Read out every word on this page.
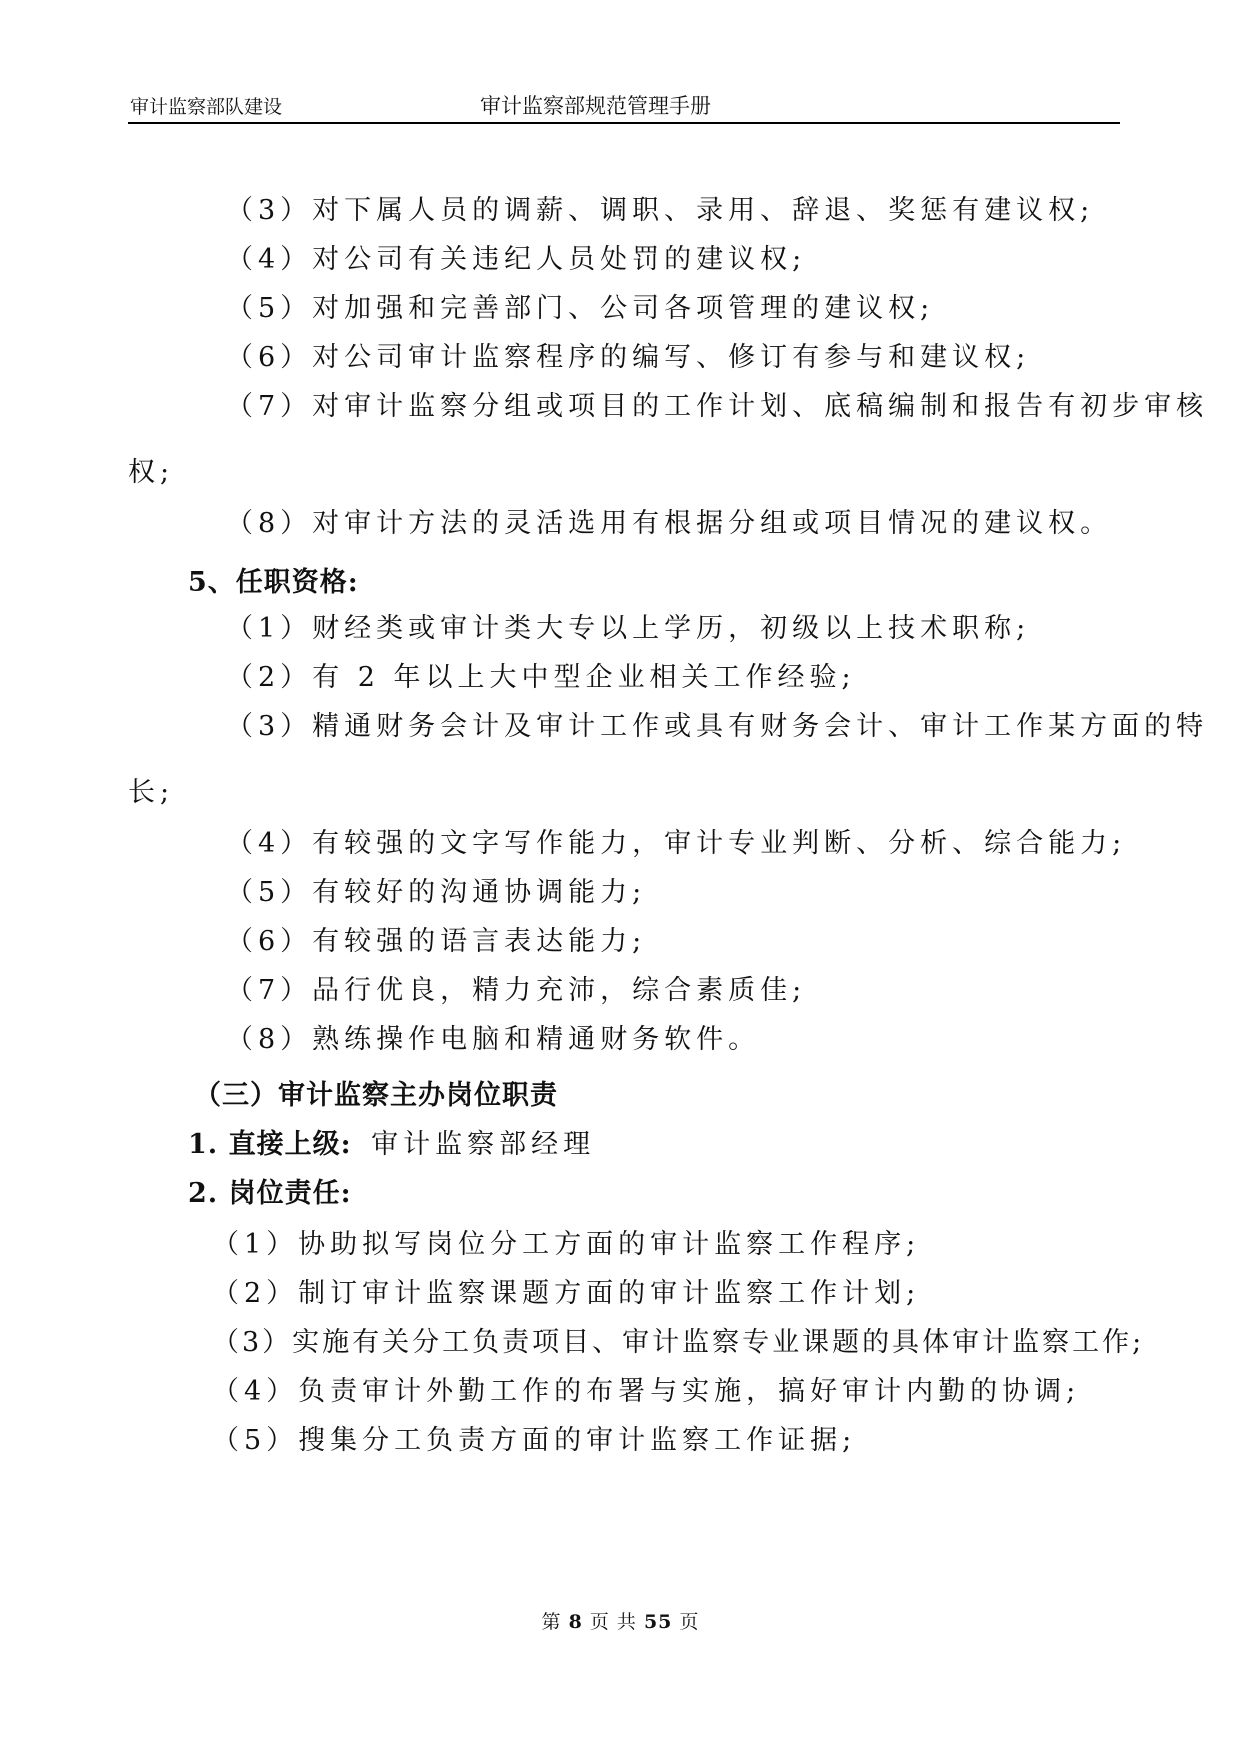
审计监察部队建设	审计监察部规范管理手册
（3）对下属人员的调薪、调职、录用、辞退、奖惩有建议权;
（4）对公司有关违纪人员处罚的建议权;
（5）对加强和完善部门、公司各项管理的建议权;
（6）对公司审计监察程序的编写、修订有参与和建议权;
（7）对审计监察分组或项目的工作计划、底稿编制和报告有初步审核
权;
（8）对审计方法的灵活选用有根据分组或项目情况的建议权。
5、任职资格:
（1）财经类或审计类大专以上学历，初级以上技术职称;
（2）有 2 年以上大中型企业相关工作经验;
（3）精通财务会计及审计工作或具有财务会计、审计工作某方面的特
长;
（4）有较强的文字写作能力，审计专业判断、分析、综合能力;
（5）有较好的沟通协调能力;
（6）有较强的语言表达能力;
（7）品行优良，精力充沛，综合素质佳;
（8）熟练操作电脑和精通财务软件。
（三）审计监察主办岗位职责
1. 直接上级: 审计监察部经理
2. 岗位责任:
（1）协助拟写岗位分工方面的审计监察工作程序;
（2）制订审计监察课题方面的审计监察工作计划;
（3）实施有关分工负责项目、审计监察专业课题的具体审计监察工作;
（4）负责审计外勤工作的布署与实施，搞好审计内勤的协调;
（5）搜集分工负责方面的审计监察工作证据;
第 8 页 共 55 页
